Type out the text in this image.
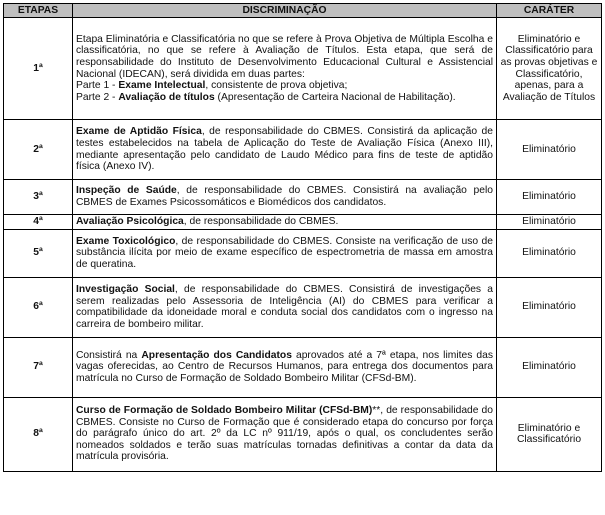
ETAPAS	DISCRIMINAÇÃO	CARÁTER
1ª	Etapa Eliminatória e Classificatória no que se refere à Prova Objetiva de Múltipla Escolha e classificatória, no que se refere à Avaliação de Títulos. Esta etapa, que será de responsabilidade do Instituto de Desenvolvimento Educacional Cultural e Assistencial Nacional (IDECAN), será dividida em duas partes:
Parte 1 - Exame Intelectual, consistente de prova objetiva;
Parte 2 - Avaliação de títulos (Apresentação de Carteira Nacional de Habilitação).	Eliminatório e Classificatório para as provas objetivas e Classificatório, apenas, para a Avaliação de Títulos
2ª	Exame de Aptidão Física, de responsabilidade do CBMES. Consistirá da aplicação de testes estabelecidos na tabela de Aplicação do Teste de Avaliação Física (Anexo III), mediante apresentação pelo candidato de Laudo Médico para fins de teste de aptidão física (Anexo IV).	Eliminatório
3ª	Inspeção de Saúde, de responsabilidade do CBMES. Consistirá na avaliação pelo CBMES de Exames Psicossomáticos e Biomédicos dos candidatos.	Eliminatório
4ª	Avaliação Psicológica, de responsabilidade do CBMES.	Eliminatório
5ª	Exame Toxicológico, de responsabilidade do CBMES. Consiste na verificação de uso de substância ilícita por meio de exame específico de espectrometria de massa em amostra de queratina.	Eliminatório
6ª	Investigação Social, de responsabilidade do CBMES. Consistirá de investigações a serem realizadas pelo Assessoria de Inteligência (AI) do CBMES para verificar a compatibilidade da idoneidade moral e conduta social dos candidatos com o ingresso na carreira de bombeiro militar.	Eliminatório
7ª	Consistirá na Apresentação dos Candidatos aprovados até a 7ª etapa, nos limites das vagas oferecidas, ao Centro de Recursos Humanos, para entrega dos documentos para matrícula no Curso de Formação de Soldado Bombeiro Militar (CFSd-BM).	Eliminatório
8ª	Curso de Formação de Soldado Bombeiro Militar (CFSd-BM)**, de responsabilidade do CBMES. Consiste no Curso de Formação que é considerado etapa do concurso por força do parágrafo único do art. 2º da LC nº 911/19, após o qual, os concludentes serão nomeados soldados e terão suas matrículas tornadas definitivas a contar da data da matrícula provisória.	Eliminatório e Classificatório
